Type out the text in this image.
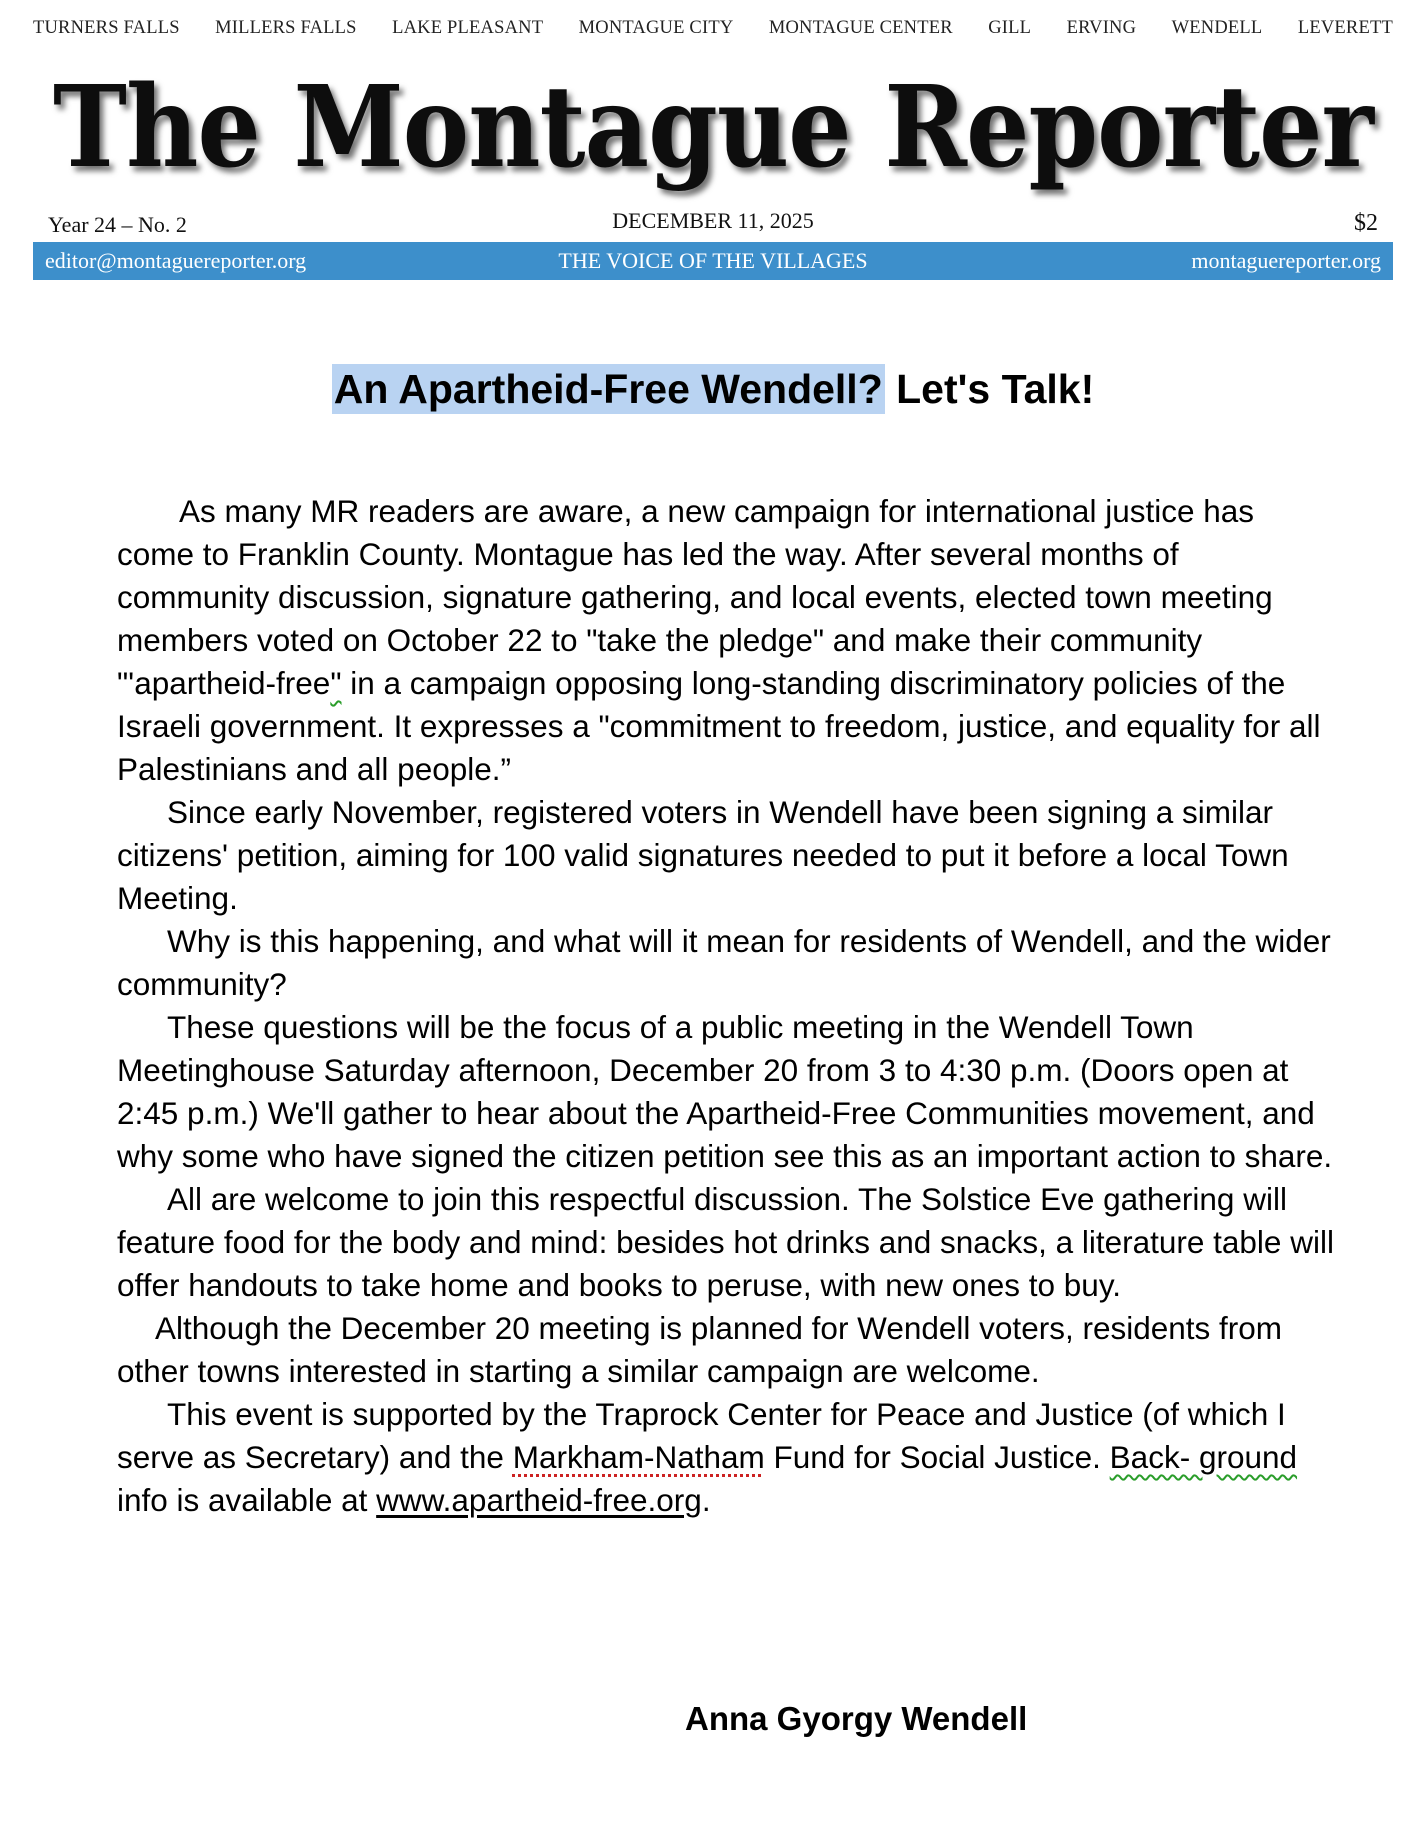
TURNERS FALLS MILLERS FALLS LAKE PLEASANT MONTAGUE CITY MONTAGUE CENTER GILL ERVING WENDELL LEVERETT
The Montague Reporter
Year 24 – No. 2	DECEMBER 11, 2025	$2
editor@montaguereporter.org	THE VOICE OF THE VILLAGES	montaguereporter.org
An Apartheid-Free Wendell? Let's Talk!

As many MR readers are aware, a new campaign for international justice has come to Franklin County. Montague has led the way. After several months of community discussion, signature gathering, and local events, elected town meeting members voted on October 22 to "take the pledge" and make their community "'apartheid-free" in a campaign opposing long-standing discriminatory policies of the Israeli government. It expresses a "commitment to freedom, justice, and equality for all Palestinians and all people.”

Since early November, registered voters in Wendell have been signing a similar citizens' petition, aiming for 100 valid signatures needed to put it before a local Town Meeting.

Why is this happening, and what will it mean for residents of Wendell, and the wider community?

These questions will be the focus of a public meeting in the Wendell Town Meetinghouse Saturday afternoon, December 20 from 3 to 4:30 p.m. (Doors open at 2:45 p.m.) We'll gather to hear about the Apartheid-Free Communities movement, and why some who have signed the citizen petition see this as an important action to share.

All are welcome to join this respectful discussion. The Solstice Eve gathering will feature food for the body and mind: besides hot drinks and snacks, a literature table will offer handouts to take home and books to peruse, with new ones to buy.

Although the December 20 meeting is planned for Wendell voters, residents from other towns interested in starting a similar campaign are welcome.

This event is supported by the Traprock Center for Peace and Justice (of which I serve as Secretary) and the Markham-Natham Fund for Social Justice. Back- ground info is available at www.apartheid-free.org.

Anna Gyorgy Wendell
